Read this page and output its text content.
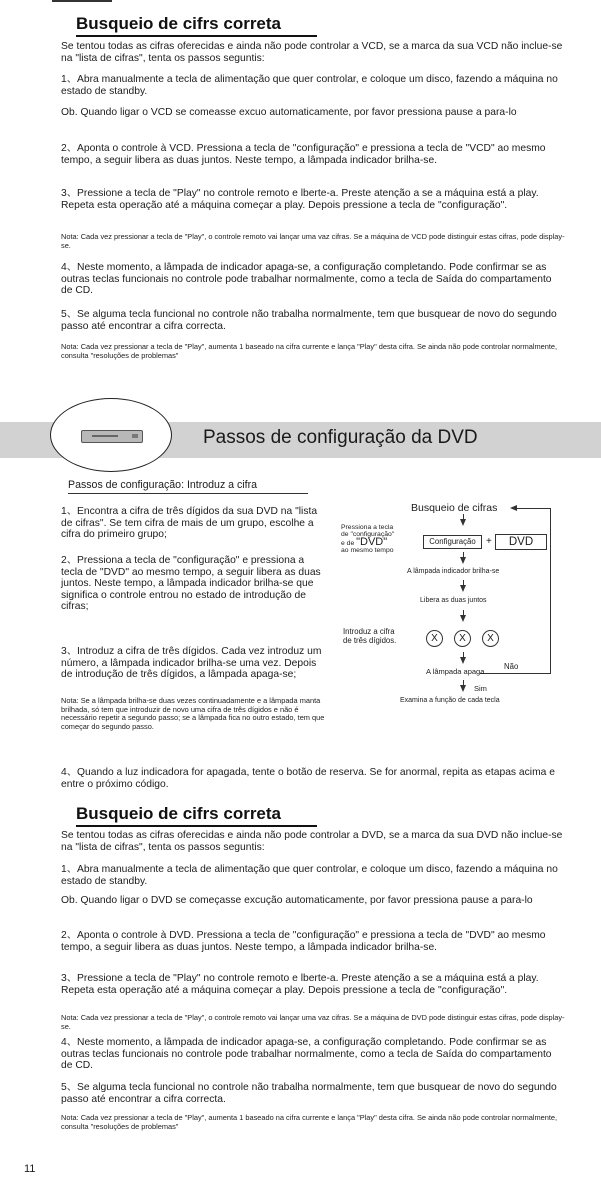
Busqueio de cifrs correta
Se tentou todas as cifras oferecidas e ainda não pode controlar a VCD, se a marca da sua VCD não inclue-se na "lista de cifras", tenta os passos seguntis:
1、Abra manualmente a tecla de alimentação que quer controlar, e coloque um disco, fazendo a máquina no estado de standby.
Ob. Quando ligar o VCD se comeasse excuo automaticamente, por favor pressiona pause a para-lo
2、Aponta o controle à VCD. Pressiona a tecla de "configuração" e pressiona a tecla de "VCD" ao mesmo tempo, a seguir libera as duas juntos. Neste tempo, a lâmpada indicador brilha-se.
3、Pressione a tecla de "Play" no controle remoto e lberte-a. Preste atenção a se a máquina está a play. Repeta esta operação até a máquina começar a play. Depois pressione a tecla de "configuração".
Nota: Cada vez pressionar a tecla de "Play", o controle remoto vai lançar uma vaz cifras. Se a máquina de VCD pode distinguir estas cifras, pode display-se.
4、Neste momento, a lâmpada de indicador apaga-se, a configuração completando. Pode confirmar se as outras teclas funcionais no controle pode trabalhar normalmente, como a tecla de Saída do compartamento de CD.
5、Se alguma tecla funcional no controle não trabalha normalmente, tem que busquear de novo do segundo passo até encontrar a cifra correcta.
Nota: Cada vez pressionar a tecla de "Play", aumenta 1 baseado na cifra currente e lança "Play" desta cifra. Se ainda não pode controlar normalmente, consulta "resoluções de problemas"
Passos de configuração da DVD
Passos de configuração: Introduz a cifra
1、Encontra a cifra de três dígidos da sua DVD na "lista de cifras". Se tem cifra de mais de um grupo, escolhe a cifra do primeiro grupo;
2、Pressiona a tecla de "configuração" e pressiona a tecla de "DVD" ao mesmo tempo, a seguir libera as duas juntos. Neste tempo, a lâmpada indicador brilha-se que significa o controle entrou no estado de introdução de cifras;
3、Introduz a cifra de três dígidos. Cada vez introduz um número, a lâmpada indicador brilha-se uma vez. Depois de introdução de três dígidos, a lâmpada apaga-se;
Nota: Se a lâmpada brilha-se duas vezes continuadamente e a lâmpada manta brilhada, só tem que introduzir de novo uma cifra de três dígidos e não é necessário repetir a segundo passo; se a lâmpada fica no outro estado, tem que começar do segundo passo.
Busqueio de cifras
Pressiona a tecla
de "configuração"
e de "DVD"
ao mesmo tempo
Configuração	+	DVD
A lâmpada indicador brilha-se
Libera as duas juntos
Introduz a cifra
de três dígidos.	X	X	X
A lâmpada apaga
Não
Sim
Examina a função de cada tecla
4、Quando a luz indicadora for apagada, tente o botão de reserva. Se for anormal, repita as etapas acima e entre o próximo código.
Busqueio de cifrs correta
Se tentou todas as cifras oferecidas e ainda não pode controlar a DVD, se a marca da sua DVD não inclue-se na "lista de cifras", tenta os passos seguntis:
1、Abra manualmente a tecla de alimentação que quer controlar, e coloque um disco, fazendo a máquina no estado de standby.
Ob. Quando ligar o DVD se começasse excução automaticamente, por favor pressiona pause a para-lo
2、Aponta o controle à DVD. Pressiona a tecla de "configuração" e pressiona a tecla de "DVD" ao mesmo tempo, a seguir libera as duas juntos. Neste tempo, a lâmpada indicador brilha-se.
3、Pressione a tecla de "Play" no controle remoto e lberte-a. Preste atenção a se a máquina está a play. Repeta esta operação até a máquina começar a play. Depois pressione a tecla de "configuração".
Nota: Cada vez pressionar a tecla de "Play", o controle remoto vai lançar uma vaz cifras. Se a máquina de DVD pode distinguir estas cifras, pode display-se.
4、Neste momento, a lâmpada de indicador apaga-se, a configuração completando. Pode confirmar se as outras teclas funcionais no controle pode trabalhar normalmente, como a tecla de Saída do compartamento de CD.
5、Se alguma tecla funcional no controle não trabalha normalmente, tem que busquear de novo do segundo passo até encontrar a cifra correcta.
Nota: Cada vez pressionar a tecla de "Play", aumenta 1 baseado na cifra currente e lança "Play" desta cifra. Se ainda não pode controlar normalmente, consulta "resoluções de problemas"
11
